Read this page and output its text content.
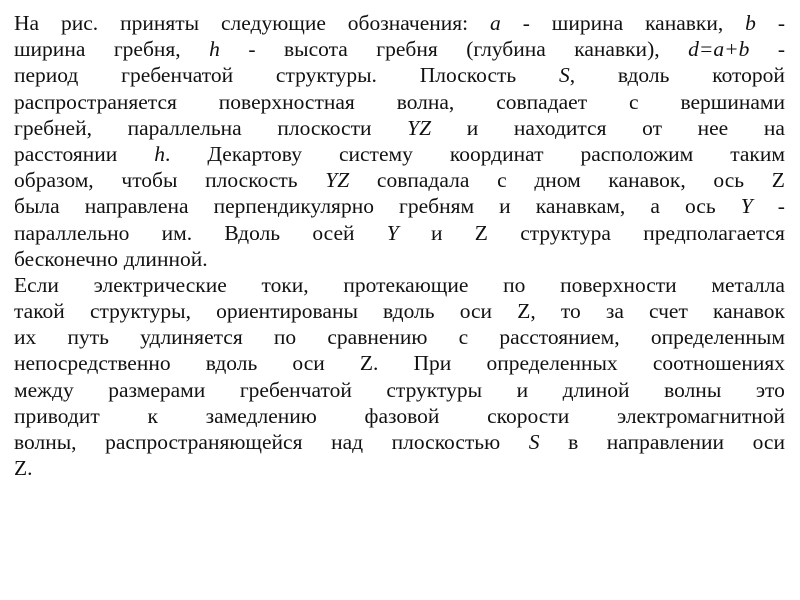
На рис. приняты следующие обозначения: a - ширина канавки, b -
ширина гребня, h - высота гребня (глубина канавки), d=a+b -
период гребенчатой структуры. Плоскость S, вдоль которой
распространяется поверхностная волна, совпадает с вершинами
гребней, параллельна плоскости YZ и находится от нее на
расстоянии h. Декартову систему координат расположим таким
образом, чтобы плоскость YZ совпадала с дном канавок, ось Z
была направлена перпендикулярно гребням и канавкам, а ось Y -
параллельно им. Вдоль осей Y и Z структура предполагается
бесконечно длинной.
Если электрические токи, протекающие по поверхности металла
такой структуры, ориентированы вдоль оси Z, то за счет канавок
их путь удлиняется по сравнению с расстоянием, определенным
непосредственно вдоль оси Z. При определенных соотношениях
между размерами гребенчатой структуры и длиной волны это
приводит к замедлению фазовой скорости электромагнитной
волны, распространяющейся над плоскостью S в направлении оси
Z.
